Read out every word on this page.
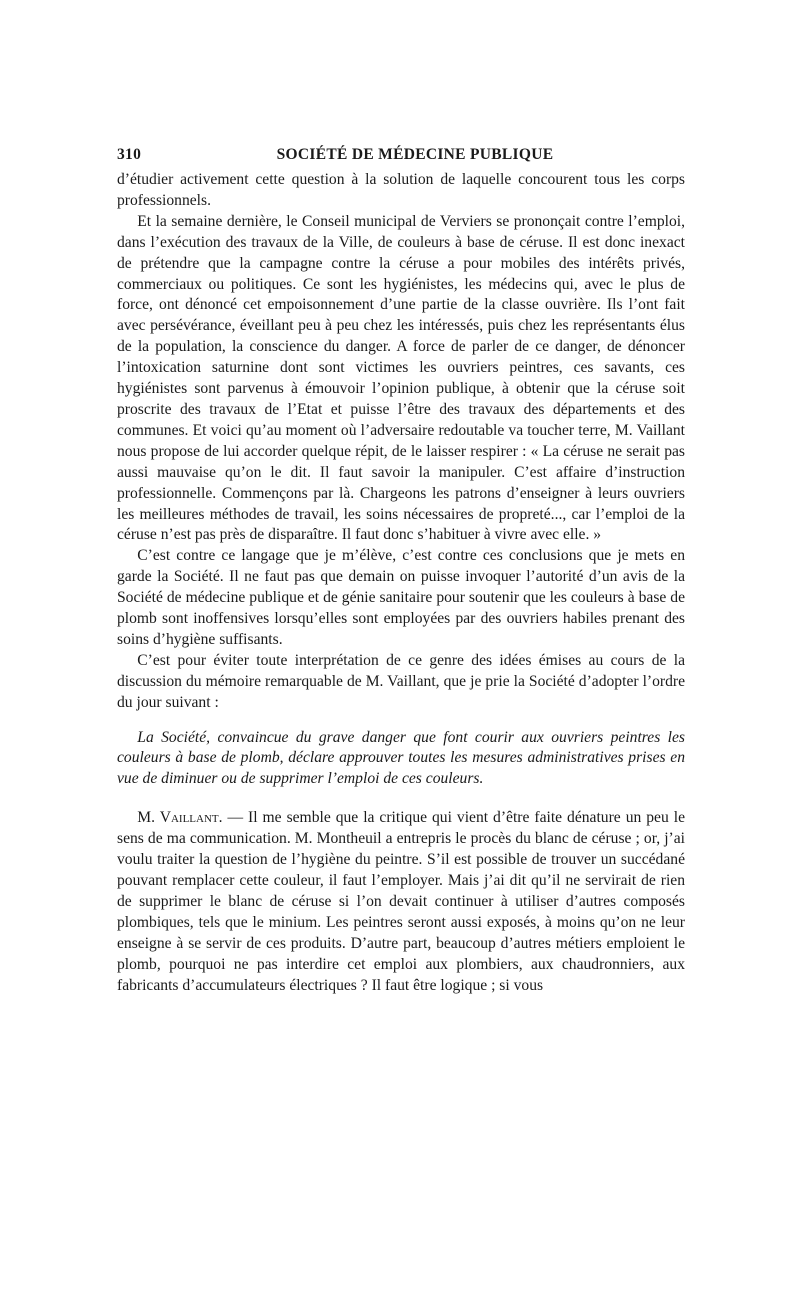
310	SOCIÉTÉ DE MÉDECINE PUBLIQUE

d’étudier activement cette question à la solution de laquelle concourent tous les corps professionnels.

Et la semaine dernière, le Conseil municipal de Verviers se prononçait contre l’emploi, dans l’exécution des travaux de la Ville, de couleurs à base de céruse. Il est donc inexact de prétendre que la campagne contre la céruse a pour mobiles des intérêts privés, commerciaux ou politiques. Ce sont les hygiénistes, les médecins qui, avec le plus de force, ont dénoncé cet empoisonnement d’une partie de la classe ouvrière. Ils l’ont fait avec persévérance, éveillant peu à peu chez les intéressés, puis chez les représentants élus de la population, la conscience du danger. A force de parler de ce danger, de dénoncer l’intoxication saturnine dont sont victimes les ouvriers peintres, ces savants, ces hygiénistes sont parvenus à émouvoir l’opinion publique, à obtenir que la céruse soit proscrite des travaux de l’Etat et puisse l’être des travaux des départements et des communes. Et voici qu’au moment où l’adversaire redoutable va toucher terre, M. Vaillant nous propose de lui accorder quelque répit, de le laisser respirer : « La céruse ne serait pas aussi mauvaise qu’on le dit. Il faut savoir la manipuler. C’est affaire d’instruction professionnelle. Commençons par là. Chargeons les patrons d’enseigner à leurs ouvriers les meilleures méthodes de travail, les soins nécessaires de propreté..., car l’emploi de la céruse n’est pas près de disparaître. Il faut donc s’habituer à vivre avec elle. »

C’est contre ce langage que je m’élève, c’est contre ces conclusions que je mets en garde la Société. Il ne faut pas que demain on puisse invoquer l’autorité d’un avis de la Société de médecine publique et de génie sanitaire pour soutenir que les couleurs à base de plomb sont inoffensives lorsqu’elles sont employées par des ouvriers habiles prenant des soins d’hygiène suffisants.

C’est pour éviter toute interprétation de ce genre des idées émises au cours de la discussion du mémoire remarquable de M. Vaillant, que je prie la Société d’adopter l’ordre du jour suivant :

La Société, convaincue du grave danger que font courir aux ouvriers peintres les couleurs à base de plomb, déclare approuver toutes les mesures administratives prises en vue de diminuer ou de supprimer l’emploi de ces couleurs.

M. Vaillant. — Il me semble que la critique qui vient d’être faite dénature un peu le sens de ma communication. M. Montheuil a entrepris le procès du blanc de céruse ; or, j’ai voulu traiter la question de l’hygiène du peintre. S’il est possible de trouver un succédané pouvant remplacer cette couleur, il faut l’employer. Mais j’ai dit qu’il ne servirait de rien de supprimer le blanc de céruse si l’on devait continuer à utiliser d’autres composés plombiques, tels que le minium. Les peintres seront aussi exposés, à moins qu’on ne leur enseigne à se servir de ces produits. D’autre part, beaucoup d’autres métiers emploient le plomb, pourquoi ne pas interdire cet emploi aux plombiers, aux chaudronniers, aux fabricants d’accumulateurs électriques ? Il faut être logique ; si vous
